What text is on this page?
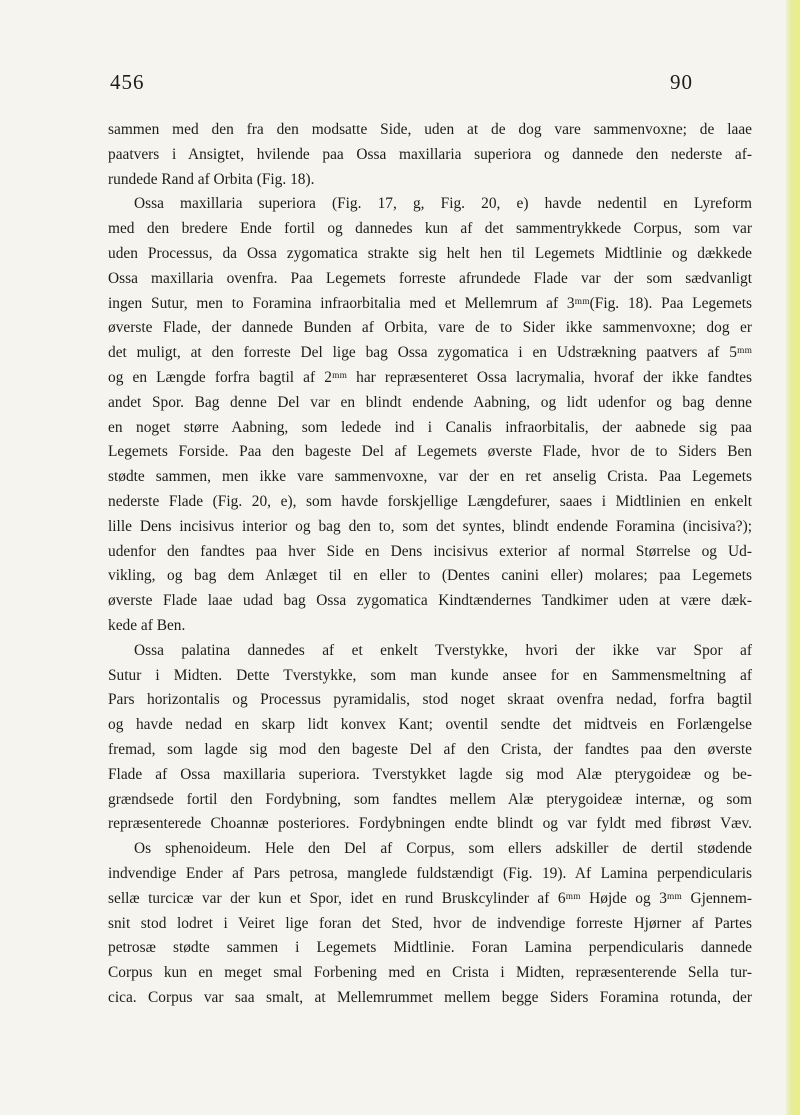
456	90
sammen med den fra den modsatte Side, uden at de dog vare sammenvoxne; de laae
paatvers i Ansigtet, hvilende paa Ossa maxillaria superiora og dannede den nederste af-
rundede Rand af Orbita (Fig. 18).
Ossa maxillaria superiora (Fig. 17, g, Fig. 20, e) havde nedentil en Lyreform
med den bredere Ende fortil og dannedes kun af det sammentrykkede Corpus, som var
uden Processus, da Ossa zygomatica strakte sig helt hen til Legemets Midtlinie og dækkede
Ossa maxillaria ovenfra. Paa Legemets forreste afrundede Flade var der som sædvanligt
ingen Sutur, men to Foramina infraorbitalia med et Mellemrum af 3ᵐᵐ(Fig. 18). Paa Legemets
øverste Flade, der dannede Bunden af Orbita, vare de to Sider ikke sammenvoxne; dog er
det muligt, at den forreste Del lige bag Ossa zygomatica i en Udstrækning paatvers af 5ᵐᵐ
og en Længde forfra bagtil af 2ᵐᵐ har repræsenteret Ossa lacrymalia, hvoraf der ikke fandtes
andet Spor. Bag denne Del var en blindt endende Aabning, og lidt udenfor og bag denne
en noget større Aabning, som ledede ind i Canalis infraorbitalis, der aabnede sig paa
Legemets Forside. Paa den bageste Del af Legemets øverste Flade, hvor de to Siders Ben
stødte sammen, men ikke vare sammenvoxne, var der en ret anselig Crista. Paa Legemets
nederste Flade (Fig. 20, e), som havde forskjellige Længdefurer, saaes i Midtlinien en enkelt
lille Dens incisivus interior og bag den to, som det syntes, blindt endende Foramina (incisiva?);
udenfor den fandtes paa hver Side en Dens incisivus exterior af normal Størrelse og Ud-
vikling, og bag dem Anlæget til en eller to (Dentes canini eller) molares; paa Legemets
øverste Flade laae udad bag Ossa zygomatica Kindtændernes Tandkimer uden at være dæk-
kede af Ben.
Ossa palatina dannedes af et enkelt Tverstykke, hvori der ikke var Spor af
Sutur i Midten. Dette Tverstykke, som man kunde ansee for en Sammensmeltning af
Pars horizontalis og Processus pyramidalis, stod noget skraat ovenfra nedad, forfra bagtil
og havde nedad en skarp lidt konvex Kant; oventil sendte det midtveis en Forlængelse
fremad, som lagde sig mod den bageste Del af den Crista, der fandtes paa den øverste
Flade af Ossa maxillaria superiora. Tverstykket lagde sig mod Alæ pterygoideæ og be-
grændsede fortil den Fordybning, som fandtes mellem Alæ pterygoideæ internæ, og som
repræsenterede Choannæ posteriores. Fordybningen endte blindt og var fyldt med fibrøst Væv.
Os sphenoideum. Hele den Del af Corpus, som ellers adskiller de dertil stødende
indvendige Ender af Pars petrosa, manglede fuldstændigt (Fig. 19). Af Lamina perpendicularis
sellæ turcicæ var der kun et Spor, idet en rund Bruskcylinder af 6ᵐᵐ Højde og 3ᵐᵐ Gjennem-
snit stod lodret i Veiret lige foran det Sted, hvor de indvendige forreste Hjørner af Partes
petrosæ stødte sammen i Legemets Midtlinie. Foran Lamina perpendicularis dannede
Corpus kun en meget smal Forbening med en Crista i Midten, repræsenterende Sella tur-
cica. Corpus var saa smalt, at Mellemrummet mellem begge Siders Foramina rotunda, der
